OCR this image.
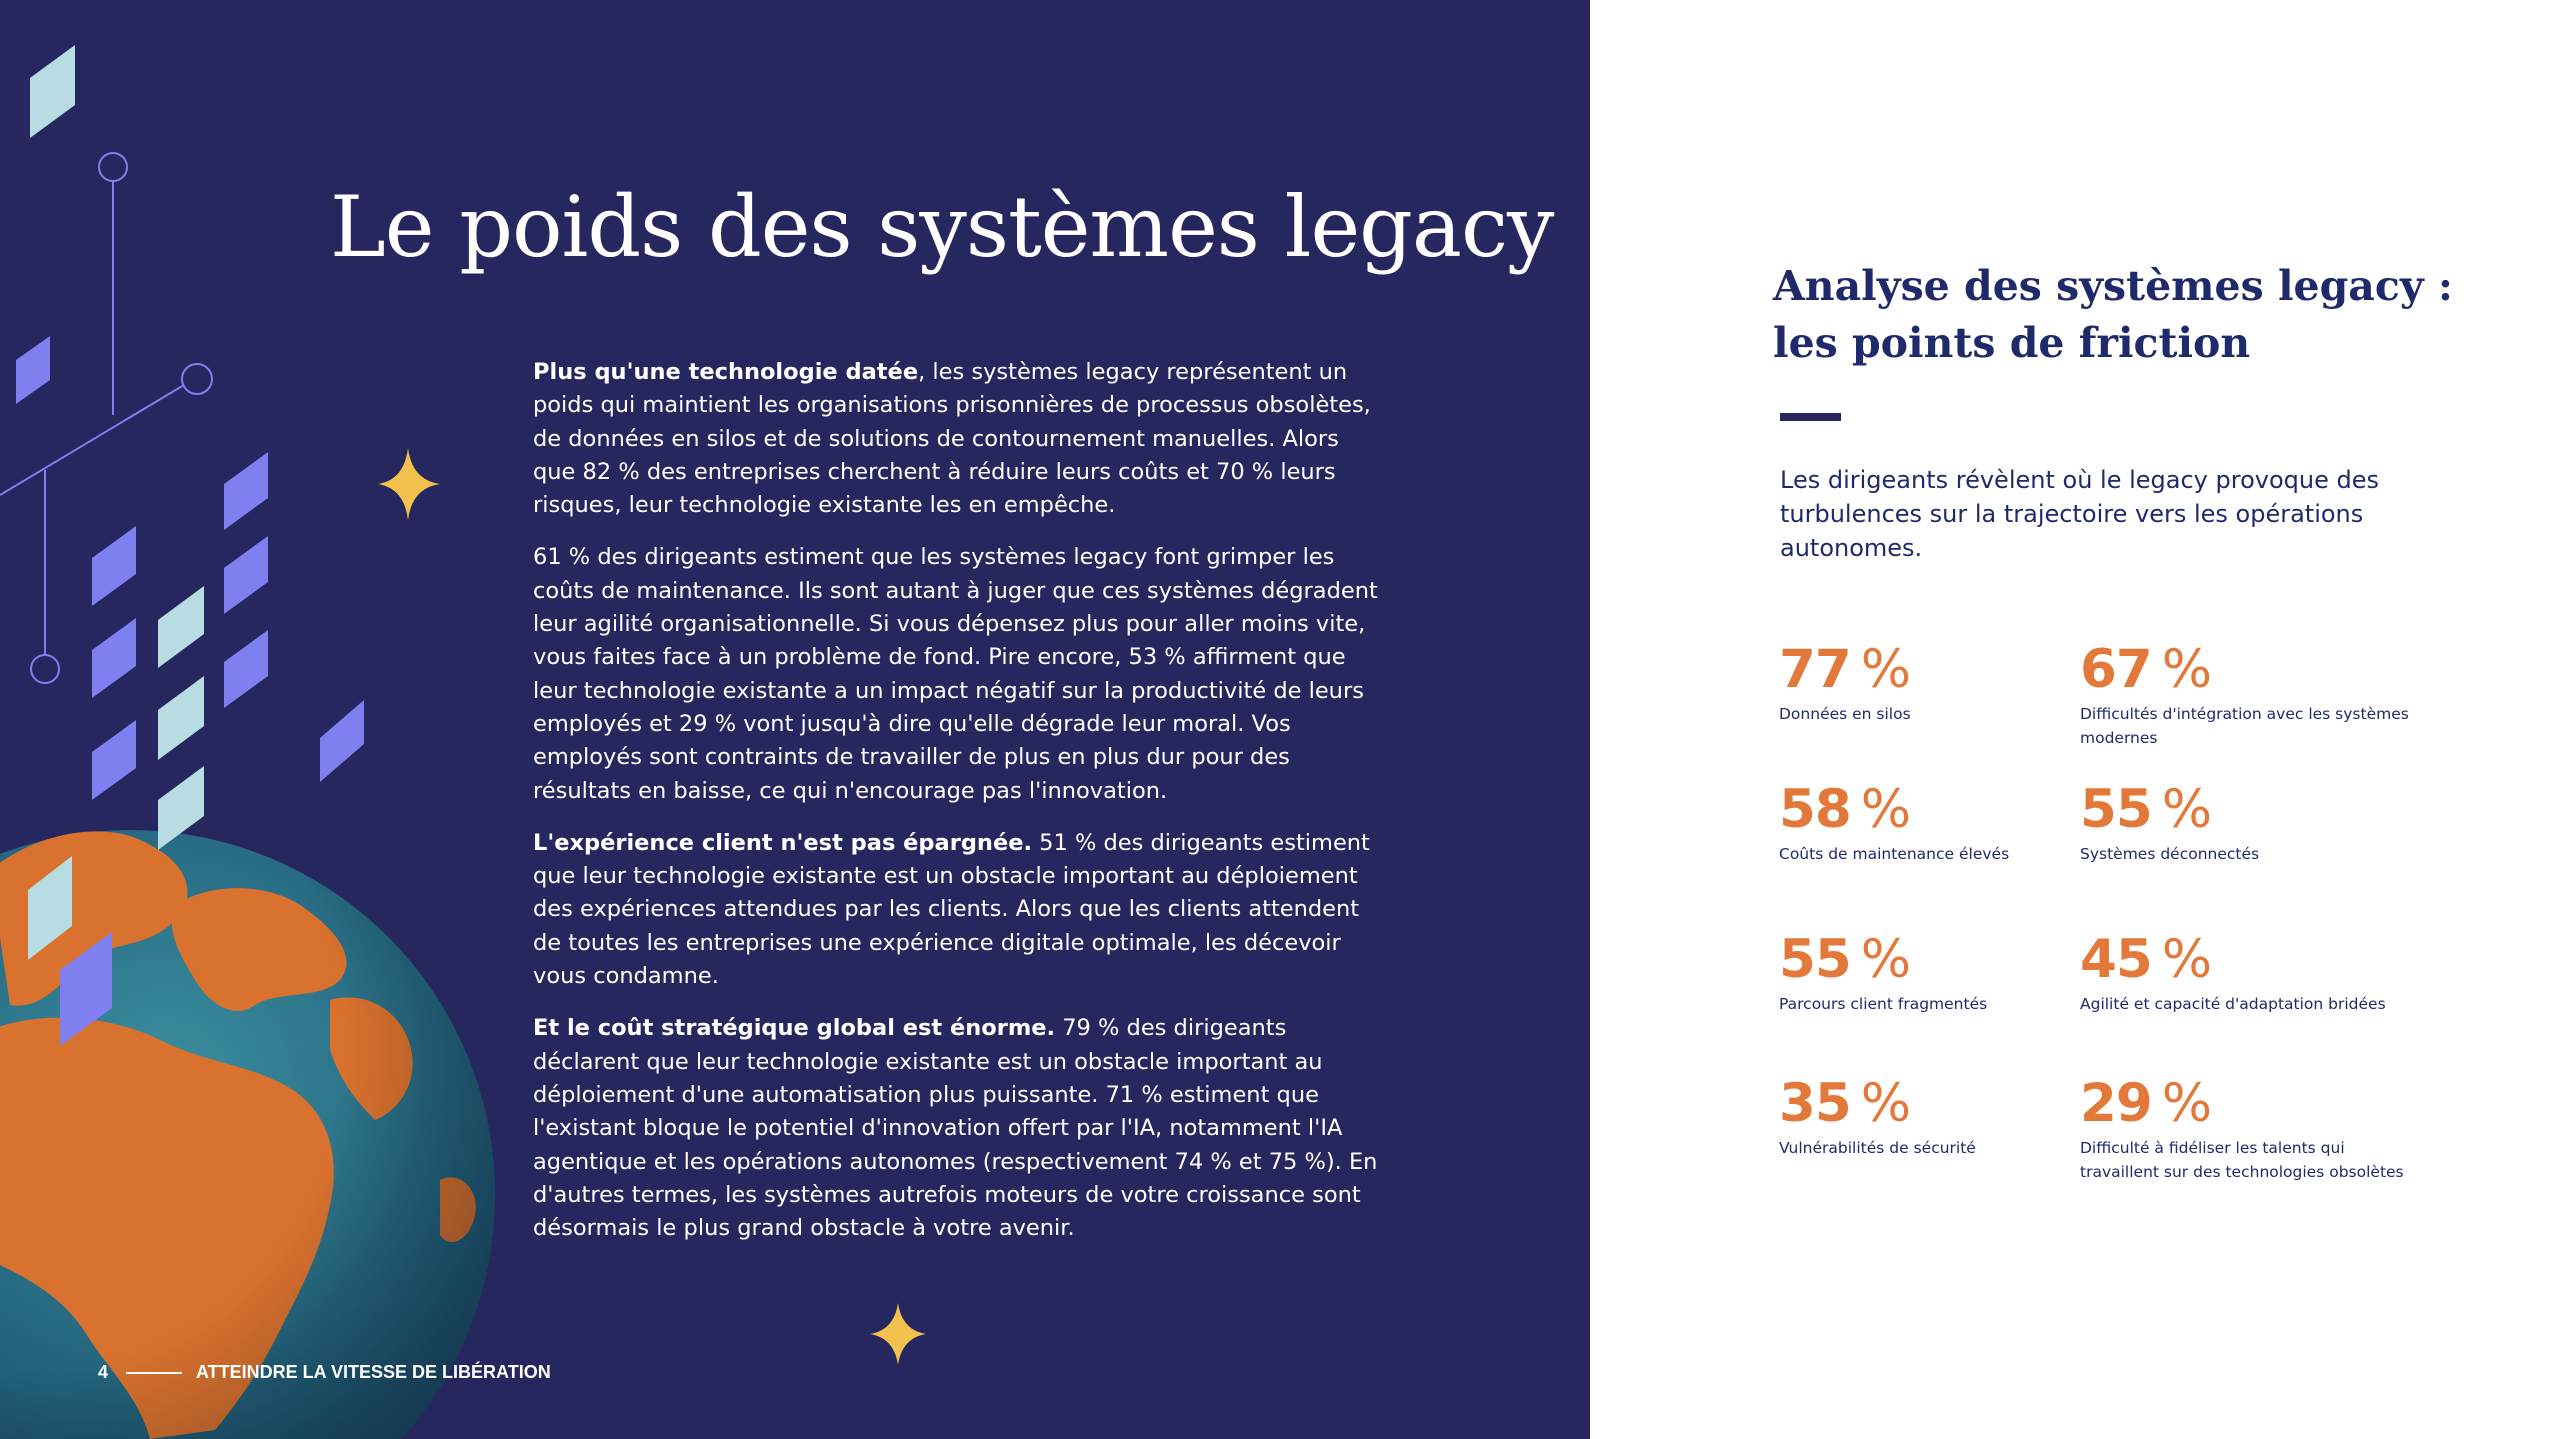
Le poids des systèmes legacy

Plus qu'une technologie datée, les systèmes legacy représentent un poids qui maintient les organisations prisonnières de processus obsolètes, de données en silos et de solutions de contournement manuelles. Alors que 82 % des entreprises cherchent à réduire leurs coûts et 70 % leurs risques, leur technologie existante les en empêche.

61 % des dirigeants estiment que les systèmes legacy font grimper les coûts de maintenance. Ils sont autant à juger que ces systèmes dégradent leur agilité organisationnelle. Si vous dépensez plus pour aller moins vite, vous faites face à un problème de fond. Pire encore, 53 % affirment que leur technologie existante a un impact négatif sur la productivité de leurs employés et 29 % vont jusqu'à dire qu'elle dégrade leur moral. Vos employés sont contraints de travailler de plus en plus dur pour des résultats en baisse, ce qui n'encourage pas l'innovation.

L'expérience client n'est pas épargnée. 51 % des dirigeants estiment que leur technologie existante est un obstacle important au déploiement des expériences attendues par les clients. Alors que les clients attendent de toutes les entreprises une expérience digitale optimale, les décevoir vous condamne.

Et le coût stratégique global est énorme. 79 % des dirigeants déclarent que leur technologie existante est un obstacle important au déploiement d'une automatisation plus puissante. 71 % estiment que l'existant bloque le potentiel d'innovation offert par l'IA, notamment l'IA agentique et les opérations autonomes (respectivement 74 % et 75 %). En d'autres termes, les systèmes autrefois moteurs de votre croissance sont désormais le plus grand obstacle à votre avenir.

4	ATTEINDRE LA VITESSE DE LIBÉRATION
Analyse des systèmes legacy : les points de friction
Les dirigeants révèlent où le legacy provoque des turbulences sur la trajectoire vers les opérations autonomes.
77 %
Données en silos
67 %
Difficultés d'intégration avec les systèmes modernes
58 %
Coûts de maintenance élevés
55 %
Systèmes déconnectés
55 %
Parcours client fragmentés
45 %
Agilité et capacité d'adaptation bridées
35 %
Vulnérabilités de sécurité
29 %
Difficulté à fidéliser les talents qui travaillent sur des technologies obsolètes
